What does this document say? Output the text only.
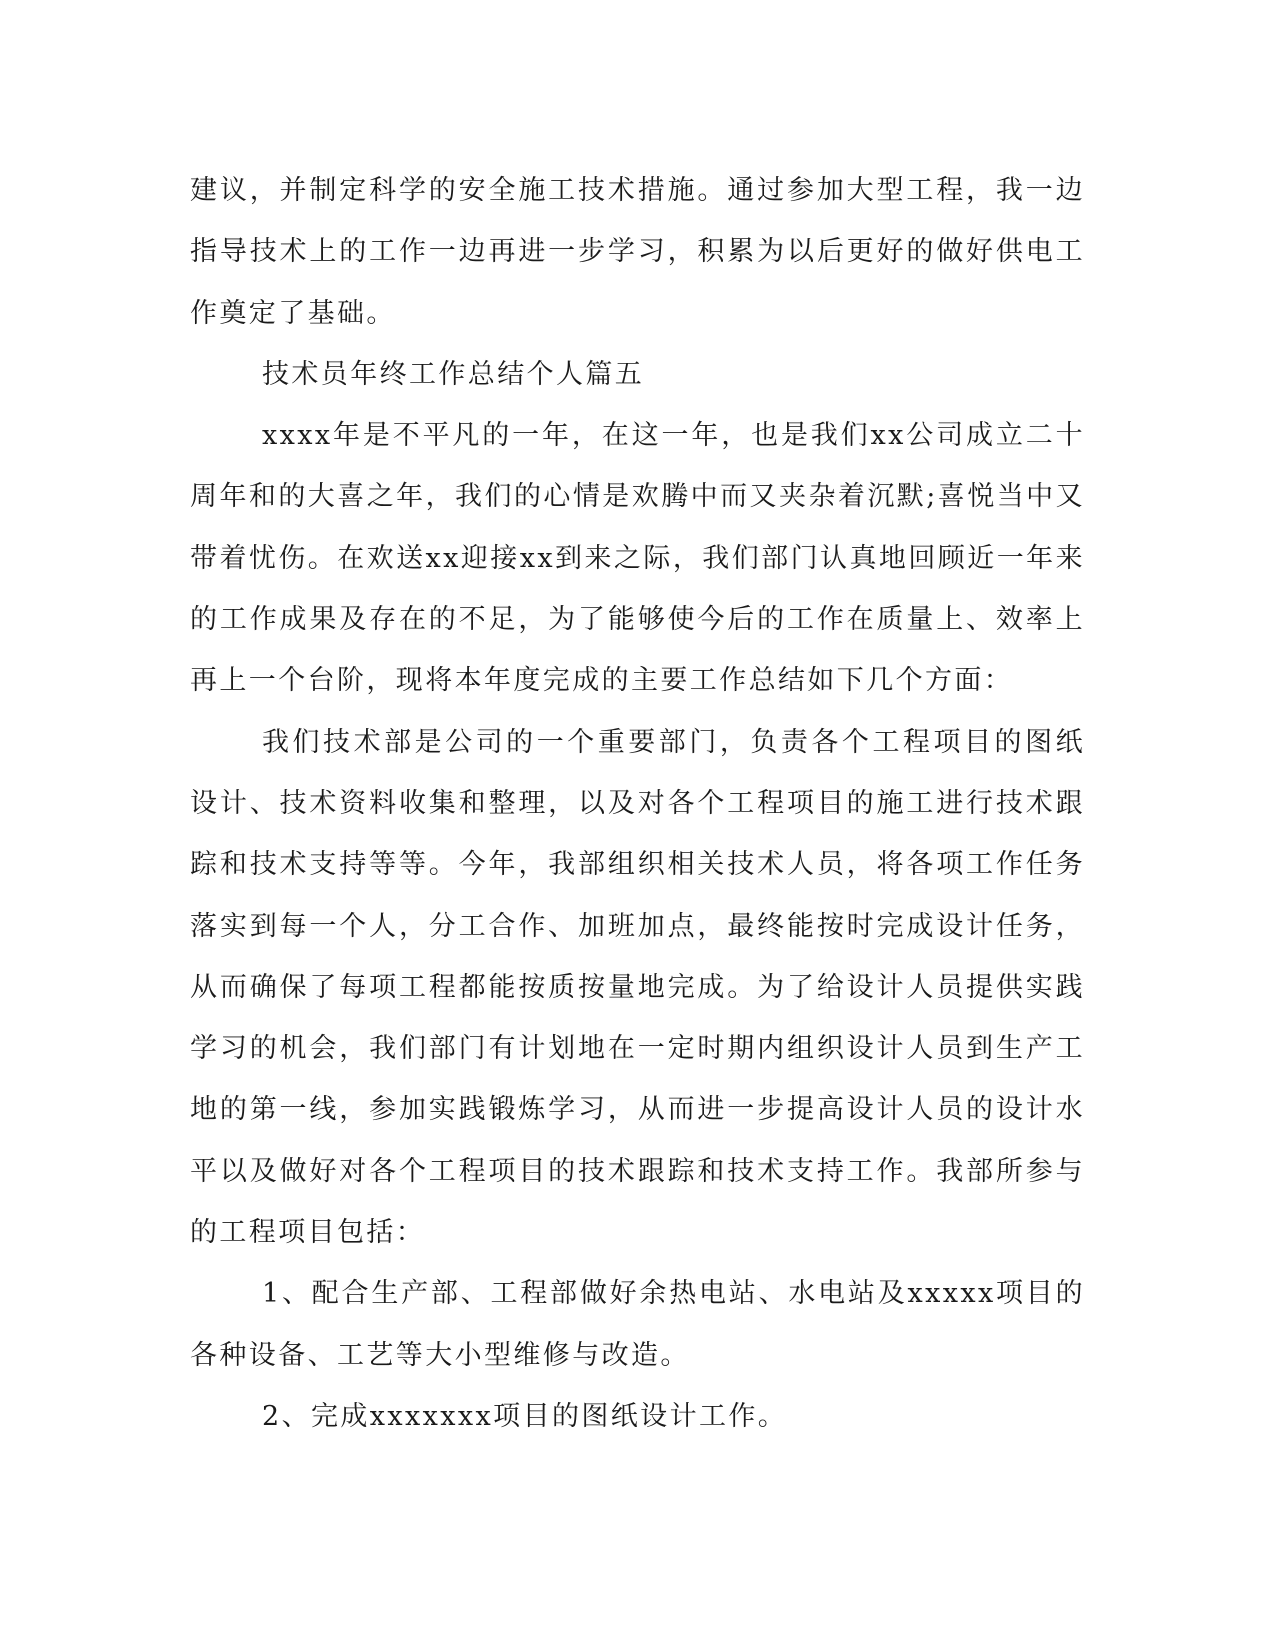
建议，并制定科学的安全施工技术措施。通过参加大型工程，我一边指导技术上的工作一边再进一步学习，积累为以后更好的做好供电工作奠定了基础。

技术员年终工作总结个人篇五

xxxx年是不平凡的一年，在这一年，也是我们xx公司成立二十周年和的大喜之年，我们的心情是欢腾中而又夹杂着沉默;喜悦当中又带着忧伤。在欢送xx迎接xx到来之际，我们部门认真地回顾近一年来的工作成果及存在的不足，为了能够使今后的工作在质量上、效率上再上一个台阶，现将本年度完成的主要工作总结如下几个方面：

我们技术部是公司的一个重要部门，负责各个工程项目的图纸设计、技术资料收集和整理，以及对各个工程项目的施工进行技术跟踪和技术支持等等。今年，我部组织相关技术人员，将各项工作任务落实到每一个人，分工合作、加班加点，最终能按时完成设计任务，从而确保了每项工程都能按质按量地完成。为了给设计人员提供实践学习的机会，我们部门有计划地在一定时期内组织设计人员到生产工地的第一线，参加实践锻炼学习，从而进一步提高设计人员的设计水平以及做好对各个工程项目的技术跟踪和技术支持工作。我部所参与的工程项目包括：

1、配合生产部、工程部做好余热电站、水电站及xxxxx项目的各种设备、工艺等大小型维修与改造。

2、完成xxxxxxx项目的图纸设计工作。
